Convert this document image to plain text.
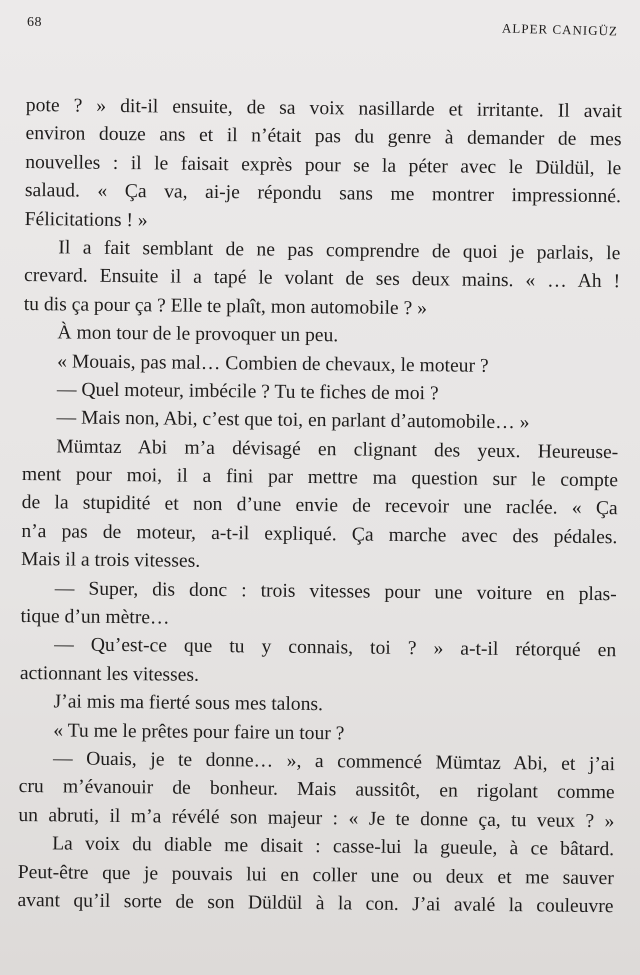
68	ALPER CANIGÜZ
pote ? » dit-il ensuite, de sa voix nasillarde et irritante. Il avait
environ douze ans et il n’était pas du genre à demander de mes
nouvelles : il le faisait exprès pour se la péter avec le Düldül, le
salaud. « Ça va, ai-je répondu sans me montrer impressionné.
Félicitations ! »
Il a fait semblant de ne pas comprendre de quoi je parlais, le
crevard. Ensuite il a tapé le volant de ses deux mains. « … Ah !
tu dis ça pour ça ? Elle te plaît, mon automobile ? »
À mon tour de le provoquer un peu.
« Mouais, pas mal… Combien de chevaux, le moteur ?
— Quel moteur, imbécile ? Tu te fiches de moi ?
— Mais non, Abi, c’est que toi, en parlant d’automobile… »
Mümtaz Abi m’a dévisagé en clignant des yeux. Heureuse-
ment pour moi, il a fini par mettre ma question sur le compte
de la stupidité et non d’une envie de recevoir une raclée. « Ça
n’a pas de moteur, a-t-il expliqué. Ça marche avec des pédales.
Mais il a trois vitesses.
— Super, dis donc : trois vitesses pour une voiture en plas-
tique d’un mètre…
— Qu’est-ce que tu y connais, toi ? » a-t-il rétorqué en
actionnant les vitesses.
J’ai mis ma fierté sous mes talons.
« Tu me le prêtes pour faire un tour ?
— Ouais, je te donne… », a commencé Mümtaz Abi, et j’ai
cru m’évanouir de bonheur. Mais aussitôt, en rigolant comme
un abruti, il m’a révélé son majeur : « Je te donne ça, tu veux ? »
La voix du diable me disait : casse-lui la gueule, à ce bâtard.
Peut-être que je pouvais lui en coller une ou deux et me sauver
avant qu’il sorte de son Düldül à la con. J’ai avalé la couleuvre
